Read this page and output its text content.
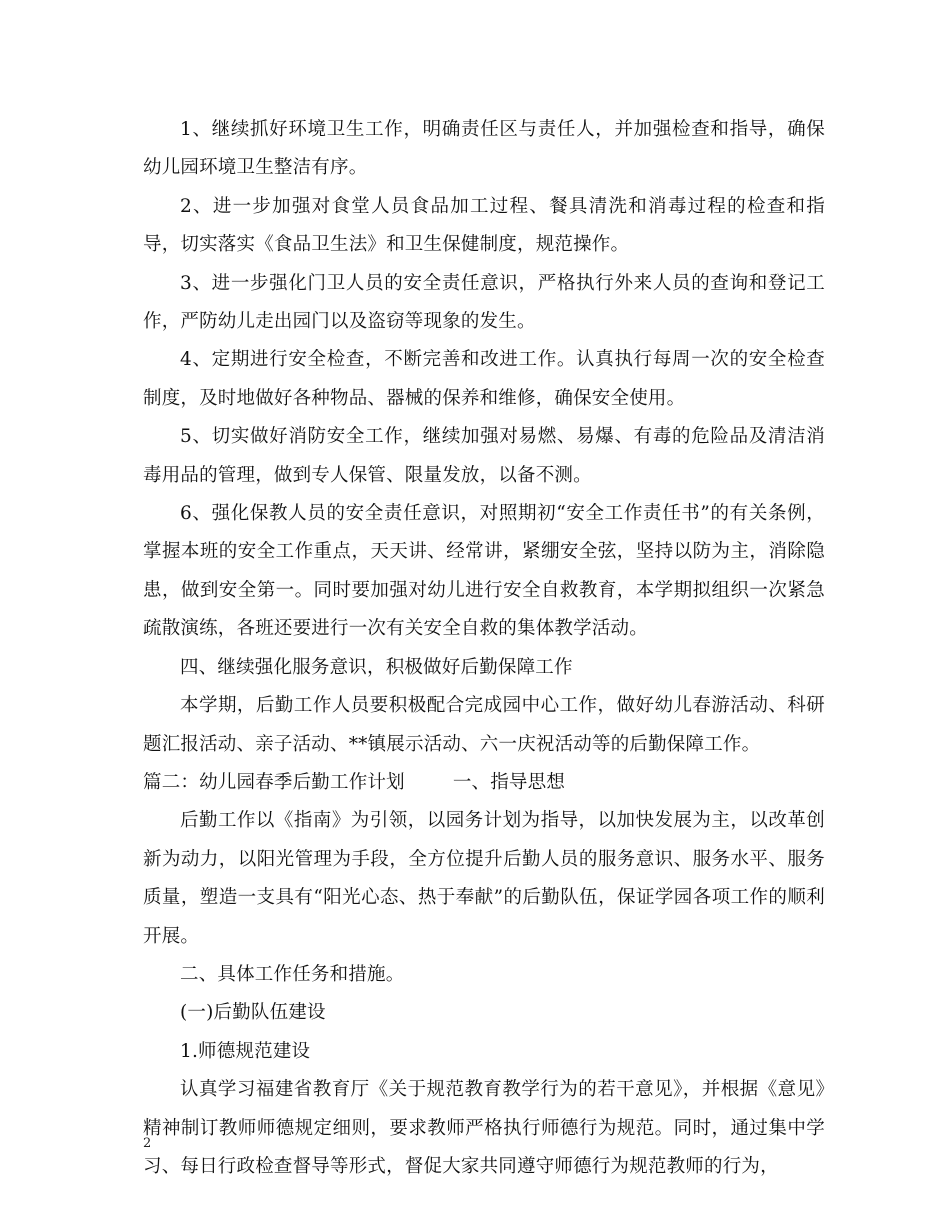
1、继续抓好环境卫生工作，明确责任区与责任人，并加强检查和指导，确保幼儿园环境卫生整洁有序。

2、进一步加强对食堂人员食品加工过程、餐具清洗和消毒过程的检查和指导，切实落实《食品卫生法》和卫生保健制度，规范操作。

3、进一步强化门卫人员的安全责任意识，严格执行外来人员的查询和登记工作，严防幼儿走出园门以及盗窃等现象的发生。

4、定期进行安全检查，不断完善和改进工作。认真执行每周一次的安全检查制度，及时地做好各种物品、器械的保养和维修，确保安全使用。

5、切实做好消防安全工作，继续加强对易燃、易爆、有毒的危险品及清洁消毒用品的管理，做到专人保管、限量发放，以备不测。

6、强化保教人员的安全责任意识，对照期初“安全工作责任书”的有关条例，掌握本班的安全工作重点，天天讲、经常讲，紧绷安全弦，坚持以防为主，消除隐患，做到安全第一。同时要加强对幼儿进行安全自救教育，本学期拟组织一次紧急疏散演练，各班还要进行一次有关安全自救的集体教学活动。

四、继续强化服务意识，积极做好后勤保障工作

本学期，后勤工作人员要积极配合完成园中心工作，做好幼儿春游活动、科研题汇报活动、亲子活动、**镇展示活动、六一庆祝活动等的后勤保障工作。

篇二：幼儿园春季后勤工作计划	一、指导思想

后勤工作以《指南》为引领，以园务计划为指导，以加快发展为主，以改革创新为动力，以阳光管理为手段，全方位提升后勤人员的服务意识、服务水平、服务质量，塑造一支具有“阳光心态、热于奉献”的后勤队伍，保证学园各项工作的顺利开展。

二、具体工作任务和措施。

(一)后勤队伍建设

1.师德规范建设

认真学习福建省教育厅《关于规范教育教学行为的若干意见》，并根据《意见》精神制订教师师德规定细则，要求教师严格执行师德行为规范。同时，通过集中学习、每日行政检查督导等形式，督促大家共同遵守师德行为规范教师的行为，

2
